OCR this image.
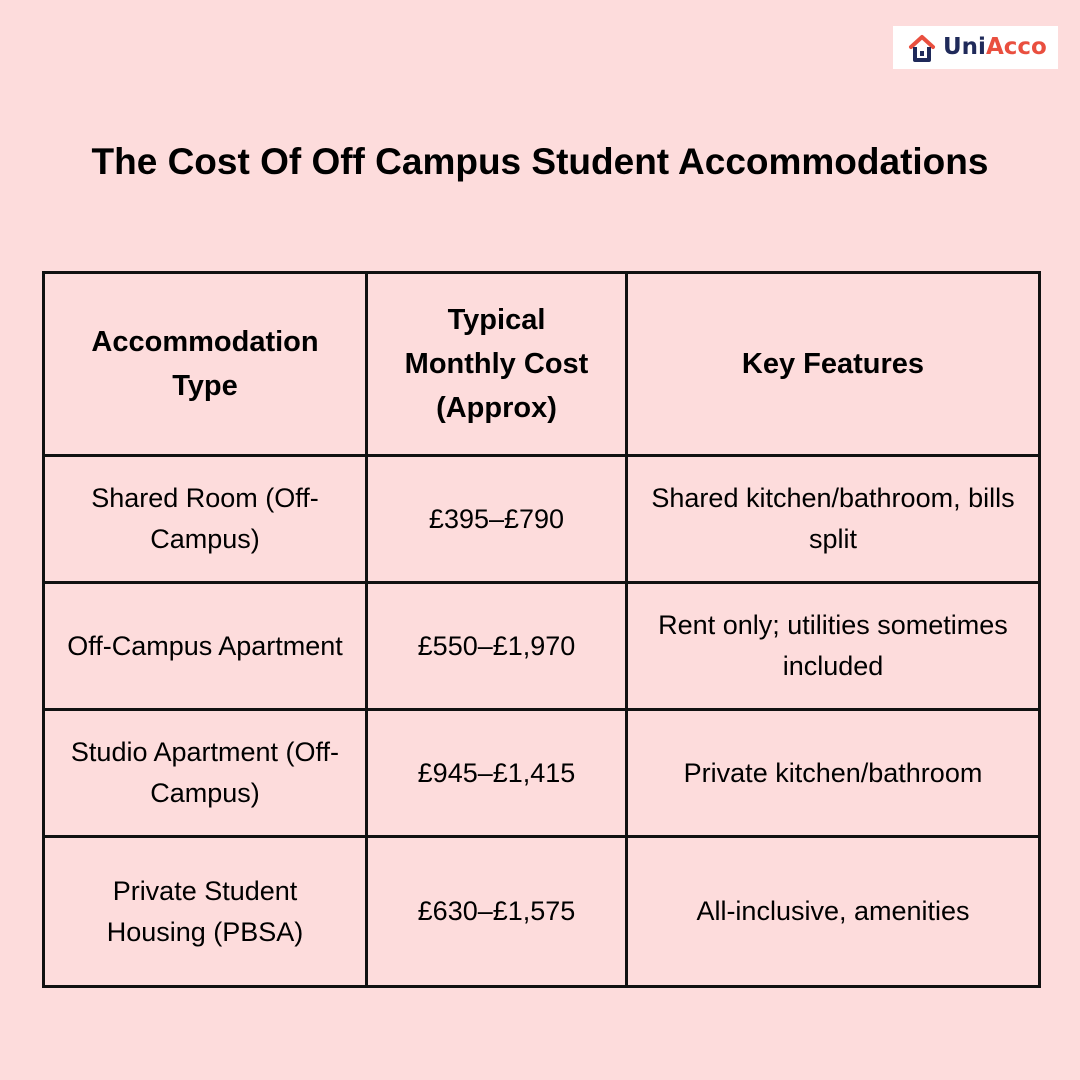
UniAcco
The Cost Of Off Campus Student Accommodations
Accommodation Type	Typical Monthly Cost (Approx)	Key Features
Shared Room (Off-Campus)	£395–£790	Shared kitchen/bathroom, bills split
Off-Campus Apartment	£550–£1,970	Rent only; utilities sometimes included
Studio Apartment (Off-Campus)	£945–£1,415	Private kitchen/bathroom
Private Student Housing (PBSA)	£630–£1,575	All-inclusive, amenities
